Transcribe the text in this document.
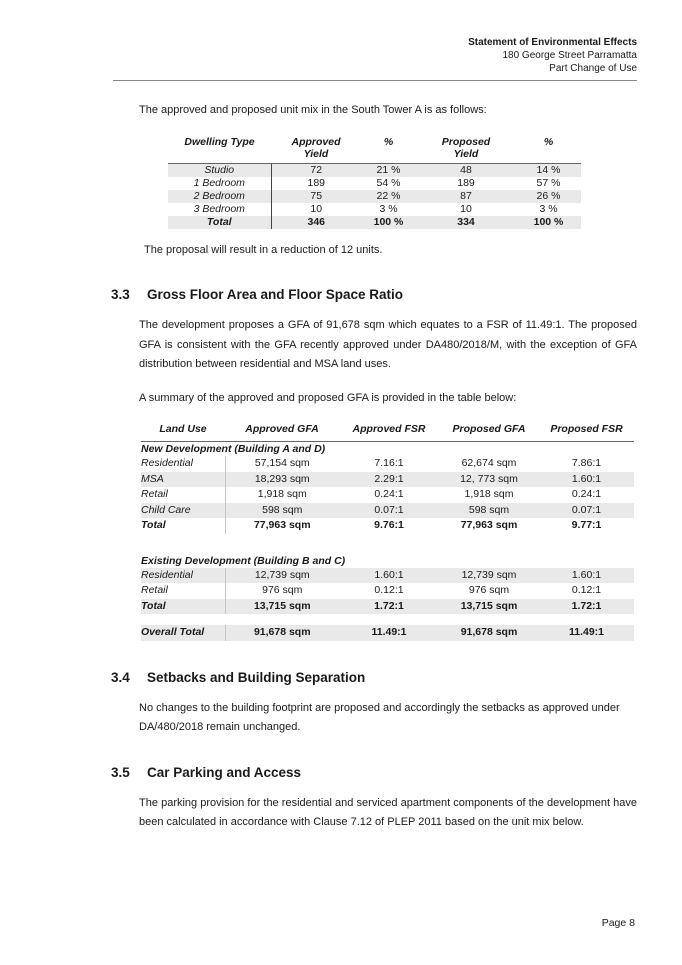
Statement of Environmental Effects
180 George Street Parramatta
Part Change of Use

The approved and proposed unit mix in the South Tower A is as follows:

Dwelling Type	Approved Yield	%	Proposed Yield	%
Studio	72	21 %	48	14 %
1 Bedroom	189	54 %	189	57 %
2 Bedroom	75	22 %	87	26 %
3 Bedroom	10	3 %	10	3 %
Total	346	100 %	334	100 %

The proposal will result in a reduction of 12 units.

3.3	Gross Floor Area and Floor Space Ratio

The development proposes a GFA of 91,678 sqm which equates to a FSR of 11.49:1. The proposed GFA is consistent with the GFA recently approved under DA480/2018/M, with the exception of GFA distribution between residential and MSA land uses.

A summary of the approved and proposed GFA is provided in the table below:

Land Use	Approved GFA	Approved FSR	Proposed GFA	Proposed FSR
New Development (Building A and D)				
Residential	57,154 sqm	7.16:1	62,674 sqm	7.86:1
MSA	18,293 sqm	2.29:1	12, 773 sqm	1.60:1
Retail	1,918 sqm	0.24:1	1,918 sqm	0.24:1
Child Care	598 sqm	0.07:1	598 sqm	0.07:1
Total	77,963 sqm	9.76:1	77,963 sqm	9.77:1

Existing Development (Building B and C)				
Residential	12,739 sqm	1.60:1	12,739 sqm	1.60:1
Retail	976 sqm	0.12:1	976 sqm	0.12:1
Total	13,715 sqm	1.72:1	13,715 sqm	1.72:1

Overall Total	91,678 sqm	11.49:1	91,678 sqm	11.49:1
3.4	Setbacks and Building Separation

No changes to the building footprint are proposed and accordingly the setbacks as approved under DA/480/2018 remain unchanged.

3.5	Car Parking and Access

The parking provision for the residential and serviced apartment components of the development have been calculated in accordance with Clause 7.12 of PLEP 2011 based on the unit mix below.

Page 8
